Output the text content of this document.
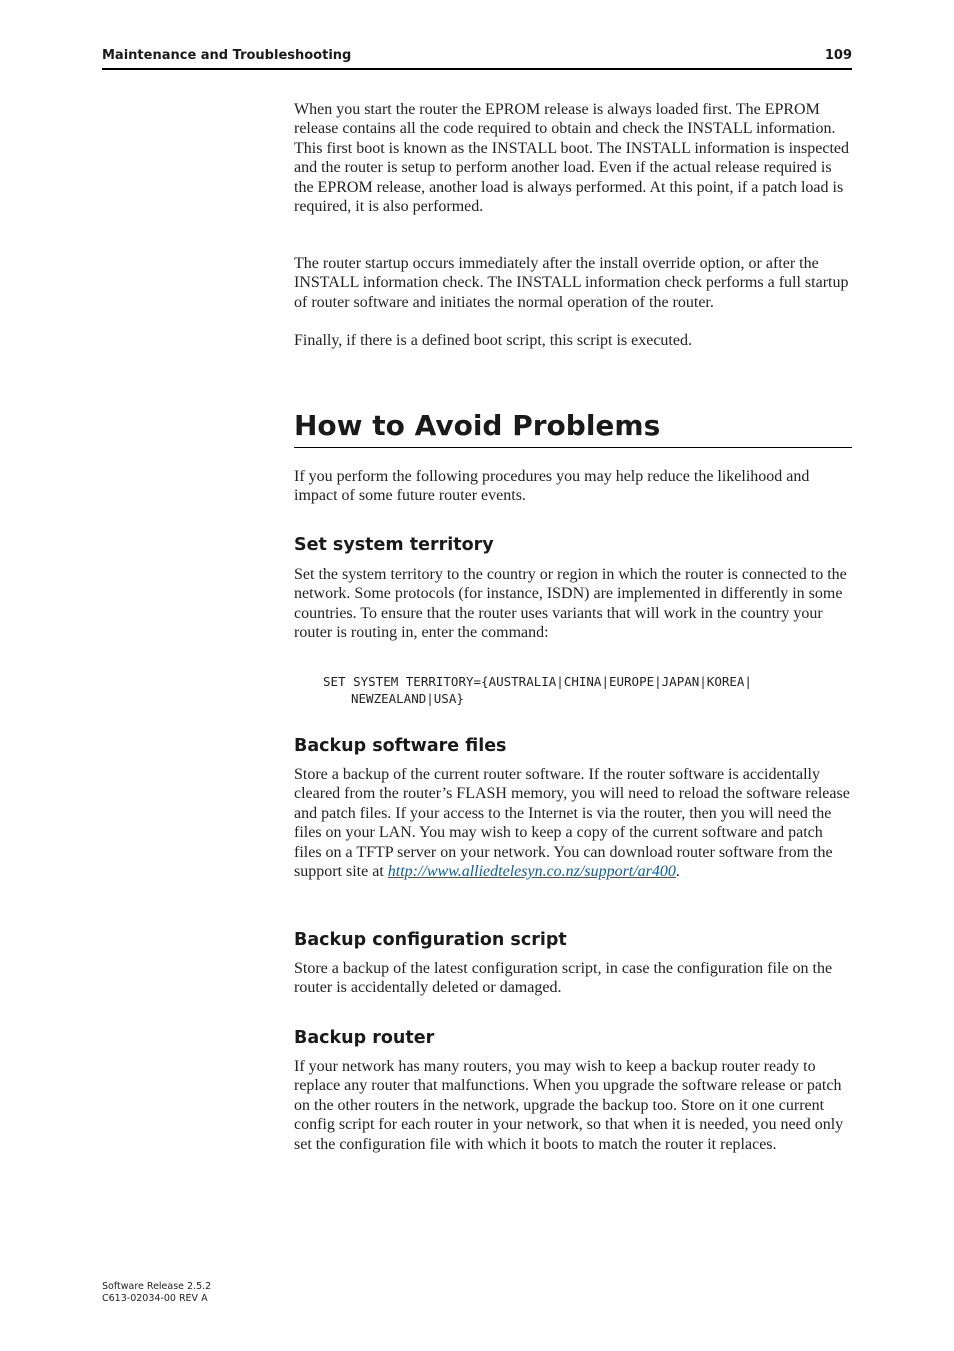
Maintenance and Troubleshooting	109

When you start the router the EPROM release is always loaded first. The EPROM release contains all the code required to obtain and check the INSTALL information. This first boot is known as the INSTALL boot. The INSTALL information is inspected and the router is setup to perform another load. Even if the actual release required is the EPROM release, another load is always performed. At this point, if a patch load is required, it is also performed.

The router startup occurs immediately after the install override option, or after the INSTALL information check. The INSTALL information check performs a full startup of router software and initiates the normal operation of the router.

Finally, if there is a defined boot script, this script is executed.

How to Avoid Problems

If you perform the following procedures you may help reduce the likelihood and impact of some future router events.

Set system territory

Set the system territory to the country or region in which the router is connected to the network. Some protocols (for instance, ISDN) are implemented in differently in some countries. To ensure that the router uses variants that will work in the country your router is routing in, enter the command:

SET SYSTEM TERRITORY={AUSTRALIA|CHINA|EUROPE|JAPAN|KOREA|
NEWZEALAND|USA}
Backup software files

Store a backup of the current router software. If the router software is accidentally cleared from the router’s FLASH memory, you will need to reload the software release and patch files. If your access to the Internet is via the router, then you will need the files on your LAN. You may wish to keep a copy of the current software and patch files on a TFTP server on your network. You can download router software from the support site at http://www.alliedtelesyn.co.nz/support/ar400.

Backup configuration script

Store a backup of the latest configuration script, in case the configuration file on the router is accidentally deleted or damaged.

Backup router

If your network has many routers, you may wish to keep a backup router ready to replace any router that malfunctions. When you upgrade the software release or patch on the other routers in the network, upgrade the backup too. Store on it one current config script for each router in your network, so that when it is needed, you need only set the configuration file with which it boots to match the router it replaces.

Software Release 2.5.2
C613-02034-00 REV A
